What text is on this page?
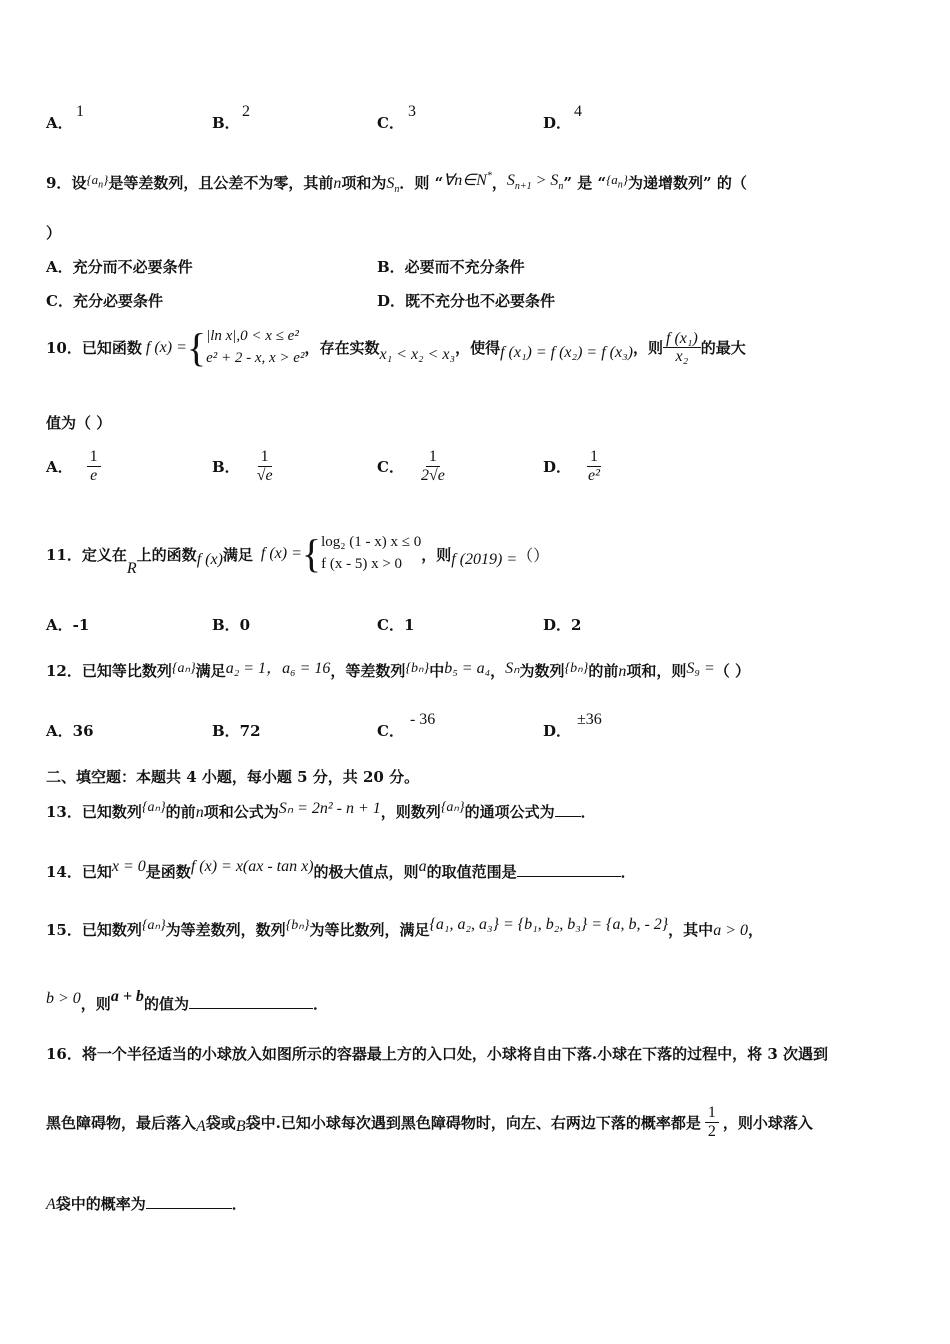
A．
1
B．
2
C．
3
D．
4
9．设$\{a_n\}$是等差数列，且公差不为零，其前n项和为$S_n$．则 “∀n∈N*，$S_{n+1} > S_n$” 是 “$\{a_n\}$为递增数列” 的（
）
A．充分而不必要条件	B．必要而不充分条件
C．充分必要条件	D．既不充分也不必要条件
10． 已知函数 f (x) = { |ln x|,0 < x ≤ e²
e² + 2 - x, x > e²
，存在实数 x₁ < x₂ < x₃ ，使得 f (x₁) = f (x₂) = f (x₃) ，则 $\frac{\text{f (x₁)}}{\text{x₂}}$ 的最大
值为（ ）
A． $\frac{1}{e}$	B． $\frac{1}{√e}$	C． $\frac{1}{2√e}$	D． $\frac{1}{\text{e²}}$
11． 定义在
R
上的函数 f (x) 满足 f (x) = { log₂ (1 - x) x ≤ 0
f (x - 5) x > 0
，则 f (2019) = （）
A．-1	B．0	C．1	D．2
12．已知等比数列{aₙ}满足a₂ = 1，a₆ = 16，等差数列{bₙ}中b₅ = a₄，Sₙ为数列{bₙ}的前n项和，则S₉ =（ ）
A．36	B．72	C．- 36
D．±36
二、填空题：本题共 4 小题，每小题 5 分，共 20 分。
13．已知数列{aₙ}的前n项和公式为Sₙ = 2n² - n + 1，则数列{aₙ}的通项公式为 ．
14．已知x = 0是函数f (x) = x(ax - tan x)的极大值点，则a的取值范围是	．
15．已知数列{aₙ}为等差数列，数列{bₙ}为等比数列，满足{a₁, a₂, a₃} = {b₁, b₂, b₃} = {a, b, - 2}，其中a > 0，
b > 0，则a + b的值为	．
16．将一个半径适当的小球放入如图所示的容器最上方的入口处，小球将自由下落.小球在下落的过程中，将 3 次遇到
黑色障碍物，最后落入 A 袋或 B 袋中.已知小球每次遇到黑色障碍物时，向左、右两边下落的概率都是 $\frac{1}{2}$ ，则小球落入
A袋中的概率为	．
